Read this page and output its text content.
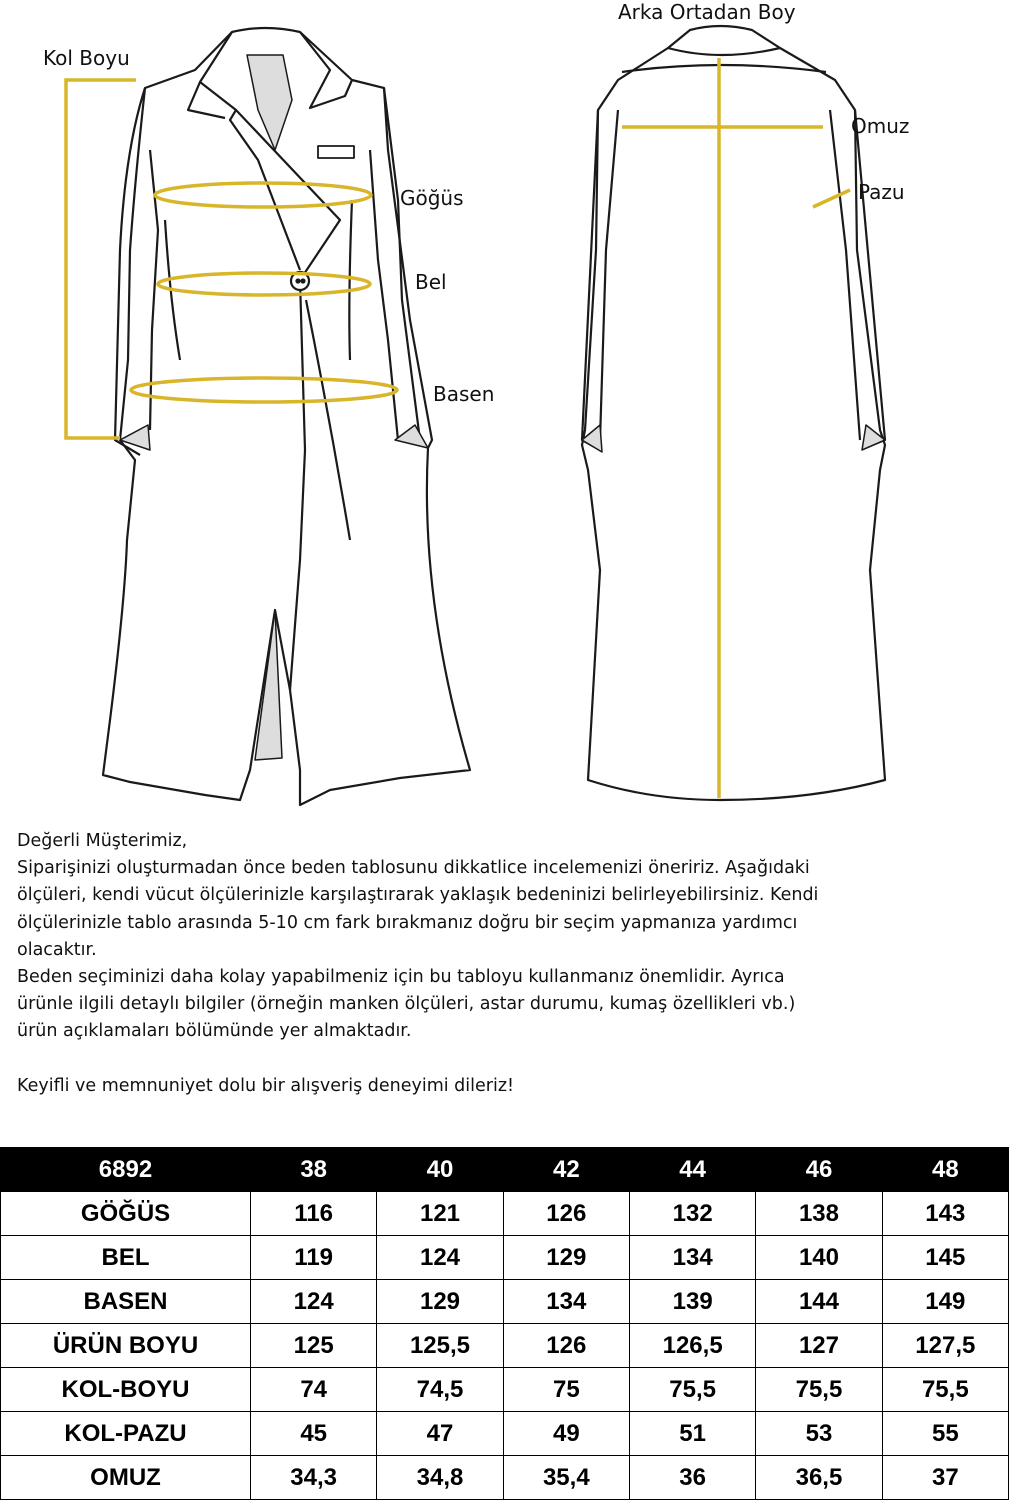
Kol Boyu
Göğüs
Bel
Basen
Arka Ortadan Boy
Omuz
Pazu

Değerli Müşterimiz,

Siparişinizi oluşturmadan önce beden tablosunu dikkatlice incelemenizi öneririz. Aşağıdaki

ölçüleri, kendi vücut ölçülerinizle karşılaştırarak yaklaşık bedeninizi belirleyebilirsiniz. Kendi

ölçülerinizle tablo arasında 5-10 cm fark bırakmanız doğru bir seçim yapmanıza yardımcı

olacaktır.

Beden seçiminizi daha kolay yapabilmeniz için bu tabloyu kullanmanız önemlidir. Ayrıca

ürünle ilgili detaylı bilgiler (örneğin manken ölçüleri, astar durumu, kumaş özellikleri vb.)

ürün açıklamaları bölümünde yer almaktadır.

Keyifli ve memnuniyet dolu bir alışveriş deneyimi dileriz!

6892	38	40	42	44	46	48
GÖĞÜS	116	121	126	132	138	143
BEL	119	124	129	134	140	145
BASEN	124	129	134	139	144	149
ÜRÜN BOYU	125	125,5	126	126,5	127	127,5
KOL-BOYU	74	74,5	75	75,5	75,5	75,5
KOL-PAZU	45	47	49	51	53	55
OMUZ	34,3	34,8	35,4	36	36,5	37
